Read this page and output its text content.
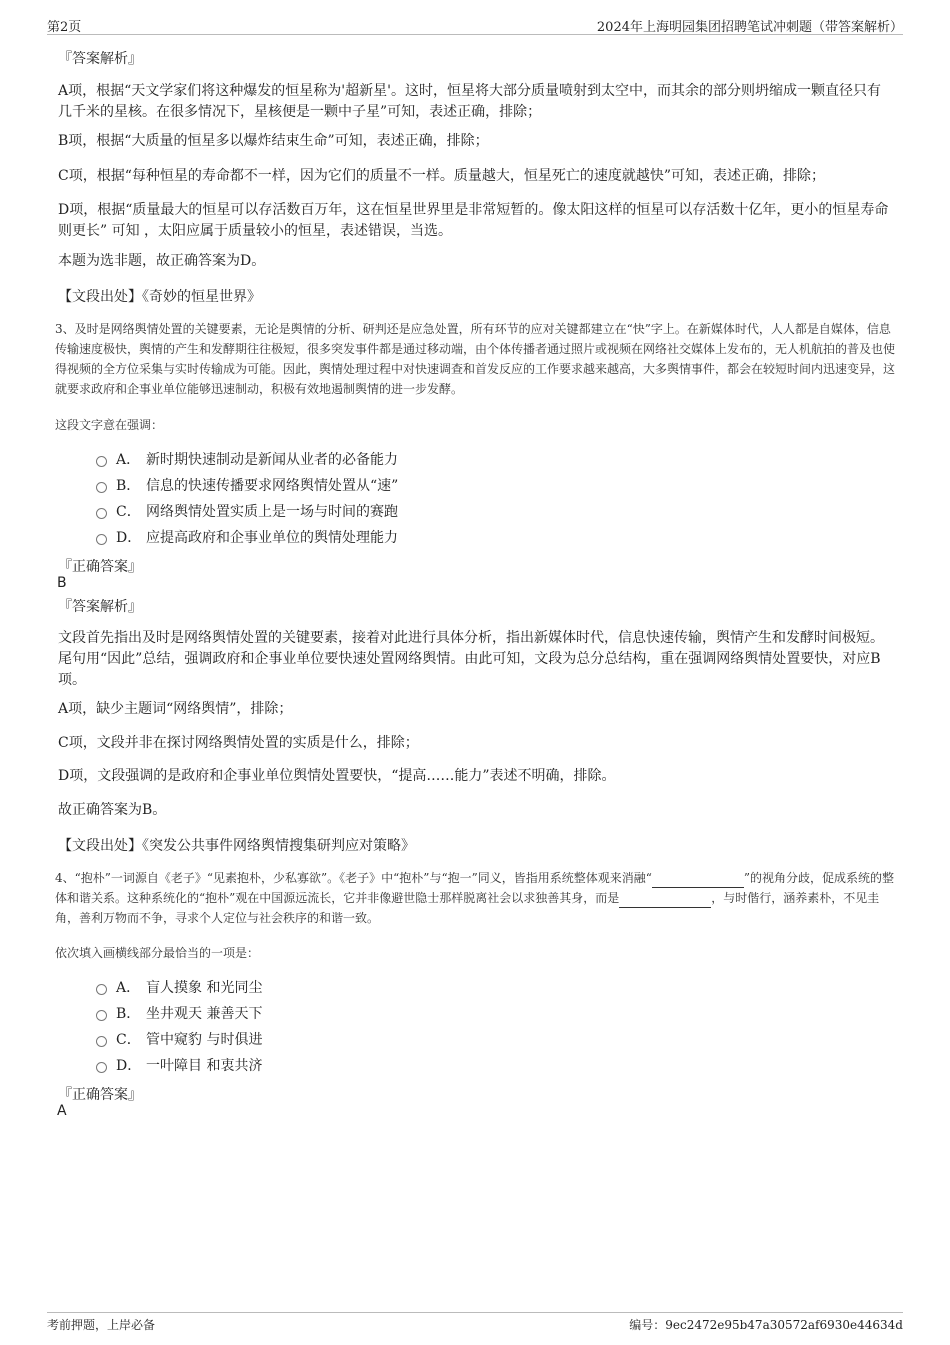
第2页	2024年上海明园集团招聘笔试冲刺题（带答案解析）
『答案解析』
A项，根据“天文学家们将这种爆发的恒星称为'超新星'。这时，恒星将大部分质量喷射到太空中，而其余的部分则坍缩成一颗直径只有几千米的星核。在很多情况下，星核便是一颗中子星”可知，表述正确，排除；
B项，根据“大质量的恒星多以爆炸结束生命”可知，表述正确，排除；
C项，根据“每种恒星的寿命都不一样，因为它们的质量不一样。质量越大，恒星死亡的速度就越快”可知，表述正确，排除；
D项，根据“质量最大的恒星可以存活数百万年，这在恒星世界里是非常短暂的。像太阳这样的恒星可以存活数十亿年，更小的恒星寿命则更长” 可知 ，太阳应属于质量较小的恒星，表述错误，当选。
本题为选非题，故正确答案为D。
【文段出处】《奇妙的恒星世界》
3、及时是网络舆情处置的关键要素，无论是舆情的分析、研判还是应急处置，所有环节的应对关键都建立在“快”字上。在新媒体时代，人人都是自媒体，信息传输速度极快，舆情的产生和发酵期往往极短，很多突发事件都是通过移动端，由个体传播者通过照片或视频在网络社交媒体上发布的，无人机航拍的普及也使得视频的全方位采集与实时传输成为可能。因此，舆情处理过程中对快速调查和首发反应的工作要求越来越高，大多舆情事件，都会在较短时间内迅速变异，这就要求政府和企事业单位能够迅速制动，积极有效地遏制舆情的进一步发酵。
这段文字意在强调：
A． 新时期快速制动是新闻从业者的必备能力
B． 信息的快速传播要求网络舆情处置从“速”
C． 网络舆情处置实质上是一场与时间的赛跑
D． 应提高政府和企事业单位的舆情处理能力
『正确答案』
B
『答案解析』
文段首先指出及时是网络舆情处置的关键要素，接着对此进行具体分析，指出新媒体时代，信息快速传输，舆情产生和发酵时间极短。尾句用“因此”总结，强调政府和企事业单位要快速处置网络舆情。由此可知，文段为总分总结构，重在强调网络舆情处置要快，对应B项。
A项，缺少主题词“网络舆情”，排除；
C项，文段并非在探讨网络舆情处置的实质是什么，排除；
D项，文段强调的是政府和企事业单位舆情处置要快，“提高……能力”表述不明确，排除。
故正确答案为B。
【文段出处】《突发公共事件网络舆情搜集研判应对策略》
4、“抱朴”一词源自《老子》“见素抱朴，少私寡欲”。《老子》中“抱朴”与“抱一”同义，皆指用系统整体观来消融“	”的视角分歧，促成系统的整体和谐关系。这种系统化的“抱朴”观在中国源远流长，它并非像避世隐士那样脱离社会以求独善其身，而是	，与时偕行，涵养素朴，不见圭角，善利万物而不争，寻求个人定位与社会秩序的和谐一致。
依次填入画横线部分最恰当的一项是：
A． 盲人摸象 和光同尘
B． 坐井观天 兼善天下
C． 管中窥豹 与时俱进
D． 一叶障目 和衷共济
『正确答案』
A
考前押题，上岸必备	编号：9ec2472e95b47a30572af6930e44634d
